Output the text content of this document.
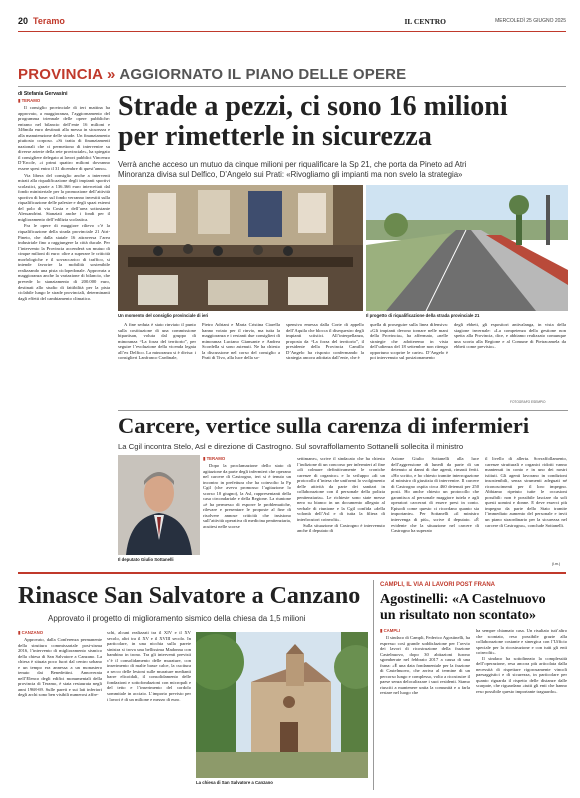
20 Teramo	IL CENTRO	MERCOLEDÌ 25 GIUGNO 2025
PROVINCIA » AGGIORNATO IL PIANO DELLE OPERE
di Stefania Gervasini
▮ TERAMO

Il consiglio provinciale di ieri mattina ha approvato, a maggioranza, l’aggiornamento del programma triennale delle opere pubbliche: entrano nel bilancio dell’ente 16 milioni e 346mila euro destinati alla messa in sicurezza e alla manutenzione delle strade. Un finanziamento piuttosto corposo. «Si tratta di finanziamenti nazionali che ci permettono di intervenire su diverse arterie della rete provinciale», ha spiegato il consigliere delegato ai lavori pubblici Vincenzo D’Ercole, «i primi quattro milioni dovranno essere spesi entro il 31 dicembre di quest’anno».

Via libera del consiglio anche a interventi mirati alla riqualificazione degli impianti sportivi scolastici, grazie a 136.366 euro intercettati dal fondo ministeriale per la promozione dell’attività sportiva di base: sul fondo verranno investiti sulla riqualificazione delle palestre e degli spazi esterni del polo di via Costa e dell’area sottostante Alessandrini. Stanziati anche i fondi per il miglioramento dell’edilizia scolastica.

Fra le opere di maggiore rilievo c’è la riqualificazione della strada provinciale 21 Atri-Pineto, che dalla statale 16 attraversa l’area industriale fino a raggiungere la città ducale. Per l’intervento la Provincia accenderà un mutuo di cinque milioni di euro: oltre a superare le criticità morfologiche e il sovraccarico di traffico, si intende favorire la mobilità sostenibile realizzando una pista ciclopedonale. Approvata a maggioranza anche la variazione di bilancio, che prevede lo stanziamento di 200.000 euro, destinati allo studio di fattibilità per la pista ciclabile lungo le strade provinciali, determinanti dagli effetti del cambiamento climatico.

Strade a pezzi, ci sono 16 milioni
per rimetterle in sicurezza
Verrà anche acceso un mutuo da cinque milioni per riqualificare la Sp 21, che porta da Pineto ad Atri
Minoranza divisa sul Delfico, D’Angelo sui Prati: «Rivogliamo gli impianti ma non svelo la strategia»
Un momento del consiglio provinciale di ieri	Il progetto di riqualificazione della strada provinciale 21

A fine seduta è stato rinviato il punto sulla costituzione di una commissione bipartisan, voluta dal gruppo di minoranza “La forza del territorio”, per seguire l’evoluzione della vicenda legata all’ex Delfico. La minoranza si è divisa: i consiglieri Lanfranco Cardinale,

Pietro Adriani e Maria Cristina Ciarella hanno votato per il rinvio, ma tutta la maggioranza e i restanti due consiglieri di minoranza Luciano Giansante e Andrea Scordella si sono astenuti. Ne ha chiesto la discussione nel corso del consiglio a Prati di Tivo, alla luce della so-

spensiva emessa dalla Corte di appello dell’Aquila che blocca il disequestro degli impianti sciistici. All’interpellanza, proposta da “La forza del territorio”, il presidente della Provincia Camillo D’Angelo ha risposto confermando la strategia ancora adottata dall’ente, che è

quella di proseguire sulla linea difensiva: «Gli impianti devono tornare nelle mani della Provincia», ha affermato, «nelle strategie che adotteremo in vista dell’udienza del 18 settembre non ritengo opportuno scoprire le carte». D’Angelo è poi intervenuto sul posizionamento

degli ebbeti, gli espositori antivalanga, in vista della stagione invernale: «La competenza della gestione non spetta alla Provincia, dice, e abbiamo realizzato comunque una scorta alla Regione e al Comune di Pietracamela da ebbeti come previsto».

FOTOGRAFO ESEMPIO
Carcere, vertice sulla carenza di infermieri
La Cgil incontra Stelo, Asl e direzione di Castrogno. Sul sovraffollamento Sottanelli sollecita il ministro
Il deputato Giulio Sottanelli
▮ TERAMO

Dopo la proclamazione dello stato di agitazione da parte degli infermieri che operano nel carcere di Castrogno, ieri si è tenuto un incontro in prefettura che ha coinvolto la Fp Cgil (che aveva promosso l’agitazione lo scorso 10 giugno), la Asl, rappresentanti della casa circondariale e della Regione. La riunione «è ha permesso di esporre le problematiche, rilevare e presentare le proposte al fine di risolvere annose criticità che insistono sull’attività operativa di medicina penitenziaria, acuitesi nelle scorse

settimane», scrive il sindacato che ha chiesto l’indizione di un concorso per infermieri al fine «di colmare definitivamente le croniche carenze di organico» e lo sviluppo «di un protocollo d’intesa che uniformi lo svolgimento delle attività da parte dei sanitari in collaborazione con il personale della polizia penitenziaria». Le richieste sono state messe nero su bianco in un documento allegato al verbale di riunione e la Cgil confida «della volontà dell’Asl e di tutta la filiera di interlocutori coinvolti».

Sulla situazione di Castrogno è intervenuto anche il deputato di

Azione Giulio Sottanelli alla luce dell’aggressione di lunedì da parte di un detenuto ai danni di due agenti, rimasti feriti. «Ho scritto, e ho chiesto tramite interrogazione al ministro di giustizia di intervenire. Il carcere di Castrogno ospita circa 460 detenuti per 250 posti. Ho anche chiesto un protocollo che garantisca al personale maggiore tutela e agli operatori carcerari di essere presi in conto. Episodi come questo ci ricordano quanto sia importante». Per Sottanelli «il ministro intervenga di più», scrive il deputato. «È evidente che la situazione nel carcere di Castrogno ha superato

il livello di allerta. Sovraffollamento, carenze strutturali e organici ridotti vanno mantenuti in conto e in uno dei nostri istituti. Gli agenti lavorano in condizioni insostenibili, senza strumenti adeguati né riconoscimenti per il loro impegno. Abbiamo ripetuto tutte le occasioni possibili: non è possibile lasciare da soli questi uomini e donne. E deve esserci più impegno da parte dello Stato tramite l’immediato aumento del personale e invii un piano straordinario per la sicurezza nel carcere di Castrogno», conclude Sottanelli.

(l.m.)
Rinasce San Salvatore a Canzano
Approvato il progetto di miglioramento sismico della chiesa da 1,5 milioni
▮ CANZANO

Approvato, dalla Conferenza permanente della struttura commissariale post-sisma 2016, l’intervento di miglioramento sismico della chiesa di San Salvatore a Canzano. La chiesa è situata poco fuori dal centro urbano e un tempo era annessa a un monastero tenuto dai Benedettini. Annoverata nell’Elenco degli edifici monumentali della provincia di Teramo, è stata restaurata negli anni 1968-69. Sulle pareti e sui lati inferiori degli archi sono ben visibili numerosi affre-

schi, alcuni realizzati tra il XIV e il XV secolo, altri tra il XV e il XVIII secolo. In particolare, in una nicchia sulla parete sinistra si trova una bellissima Madonna con bambino in trono. Tra gli interventi previsti c’è il consolidamento delle murature, con inserimento di malte basse calce, la cucitura a secco delle lesioni sulle murature medianti barre elicoidali, il consolidamento delle fondazioni e sottofondazioni con micropali e del tetto e l’inserimento del cordolo sommitale in acciaio. L’importo previsto per i lavori è di un milione e mezzo di euro.

La chiesa di San Salvatore a Canzano
CAMPLI, IL VIA AI LAVORI POST FRANA
Agostinelli: «A Castelnuovo
un risultato non scontato»
▮ CAMPLI

Il sindaco di Campli, Federico Agostinelli, ha espresso così grande soddisfazione per l’avvio dei lavori di ricostruzione della frazione Castelnuovo, dopo 30 abitazioni furono sgomberate nel febbraio 2017 a causa di una frana: «È una data fondamentale per la frazione di Castelnuovo, che arriva al termine di un percorso lungo e complesso, volto a ricostruire il paese senza delocalizzare i suoi residenti. Siamo riusciti a mantenere unita la comunità e a farla restare nel luogo che

ha sempre chiamato casa. Un risultato tutt’altro che scontato, reso possibile grazie alla collaborazione costante e sinergica con l’Ufficio speciale per la ricostruzione e con tutti gli enti coinvolti».

Il sindaco ha sottolineato la complessità dell’operazione, resa ancora più articolata dalla necessità di rispettare rigorosamente vincoli paesaggistici e di sicurezza, in particolare per quanto riguarda il rispetto delle distanze dalle scarpate, che riguardano «tutti gli enti che hanno reso possibile questo importante traguardo».
